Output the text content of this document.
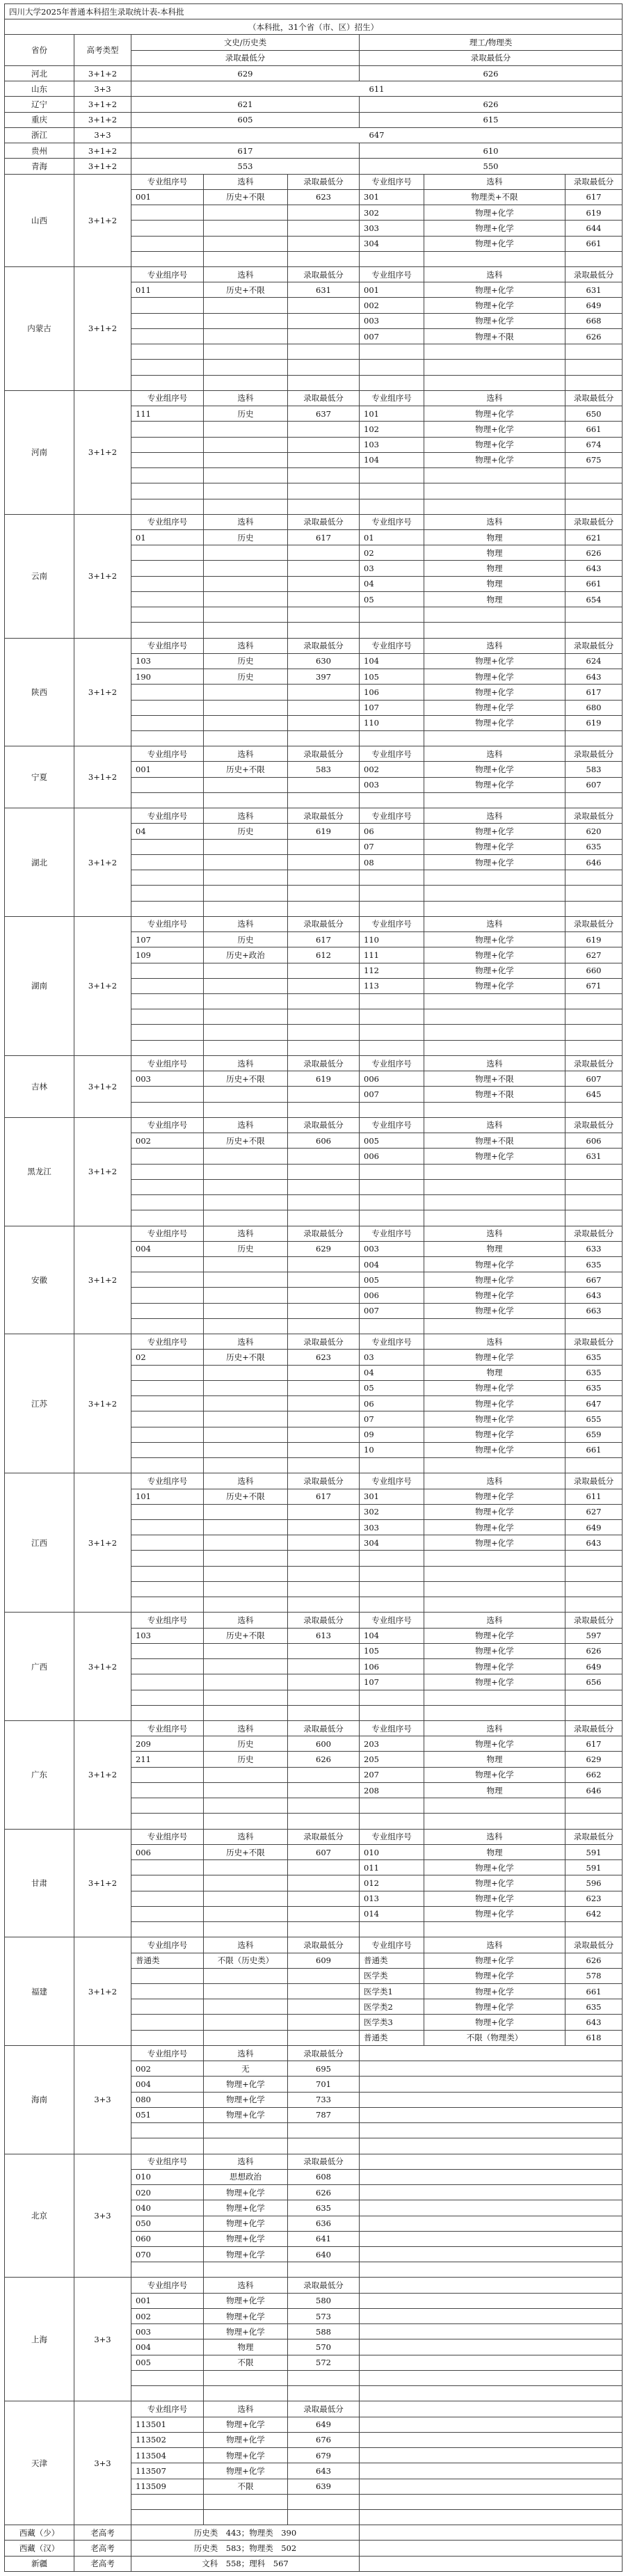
四川大学2025年普通本科招生录取统计表-本科批							
（本科批，31个省（市、区）招生）							
省份	高考类型	文史/历史类			理工/物理类		
		录取最低分			录取最低分		
河北	3+1+2	629			626		
山东	3+3	611					
辽宁	3+1+2	621			626		
重庆	3+1+2	605			615		
浙江	3+3	647					
贵州	3+1+2	617			610		
青海	3+1+2	553			550		
山西	3+1+2	专业组序号	选科	录取最低分	专业组序号	选科	录取最低分
		001	历史+不限	623	301	物理类+不限	617
					302	物理+化学	619
					303	物理+化学	644
					304	物理+化学	661

内蒙古	3+1+2	专业组序号	选科	录取最低分	专业组序号	选科	录取最低分
		011	历史+不限	631	001	物理+化学	631
					002	物理+化学	649
					003	物理+化学	668
					007	物理+不限	626

河南	3+1+2	专业组序号	选科	录取最低分	专业组序号	选科	录取最低分
		111	历史	637	101	物理+化学	650
					102	物理+化学	661
					103	物理+化学	674
					104	物理+化学	675

云南	3+1+2	专业组序号	选科	录取最低分	专业组序号	选科	录取最低分
		01	历史	617	01	物理	621
					02	物理	626
					03	物理	643
					04	物理	661
					05	物理	654

陕西	3+1+2	专业组序号	选科	录取最低分	专业组序号	选科	录取最低分
		103	历史	630	104	物理+化学	624
		190	历史	397	105	物理+化学	643
					106	物理+化学	617
					107	物理+化学	680
					110	物理+化学	619

宁夏	3+1+2	专业组序号	选科	录取最低分	专业组序号	选科	录取最低分
		001	历史+不限	583	002	物理+化学	583
					003	物理+化学	607

湖北	3+1+2	专业组序号	选科	录取最低分	专业组序号	选科	录取最低分
		04	历史	619	06	物理+化学	620
					07	物理+化学	635
					08	物理+化学	646

湖南	3+1+2	专业组序号	选科	录取最低分	专业组序号	选科	录取最低分
		107	历史	617	110	物理+化学	619
		109	历史+政治	612	111	物理+化学	627
					112	物理+化学	660
					113	物理+化学	671

吉林	3+1+2	专业组序号	选科	录取最低分	专业组序号	选科	录取最低分
		003	历史+不限	619	006	物理+不限	607
					007	物理+不限	645

黑龙江	3+1+2	专业组序号	选科	录取最低分	专业组序号	选科	录取最低分
		002	历史+不限	606	005	物理+不限	606
					006	物理+化学	631

安徽	3+1+2	专业组序号	选科	录取最低分	专业组序号	选科	录取最低分
		004	历史	629	003	物理	633
					004	物理+化学	635
					005	物理+化学	667
					006	物理+化学	643
					007	物理+化学	663

江苏	3+1+2	专业组序号	选科	录取最低分	专业组序号	选科	录取最低分
		02	历史+不限	623	03	物理+化学	635
					04	物理	635
					05	物理+化学	635
					06	物理+化学	647
					07	物理+化学	655
					09	物理+化学	659
					10	物理+化学	661

江西	3+1+2	专业组序号	选科	录取最低分	专业组序号	选科	录取最低分
		101	历史+不限	617	301	物理+化学	611
					302	物理+化学	627
					303	物理+化学	649
					304	物理+化学	643

广西	3+1+2	专业组序号	选科	录取最低分	专业组序号	选科	录取最低分
		103	历史+不限	613	104	物理+化学	597
					105	物理+化学	626
					106	物理+化学	649
					107	物理+化学	656

广东	3+1+2	专业组序号	选科	录取最低分	专业组序号	选科	录取最低分
		209	历史	600	203	物理+化学	617
		211	历史	626	205	物理	629
					207	物理+化学	662
					208	物理	646

甘肃	3+1+2	专业组序号	选科	录取最低分	专业组序号	选科	录取最低分
		006	历史+不限	607	010	物理	591
					011	物理+化学	591
					012	物理+化学	596
					013	物理+化学	623
					014	物理+化学	642

福建	3+1+2	专业组序号	选科	录取最低分	专业组序号	选科	录取最低分
		普通类	不限（历史类）	609	普通类	物理+化学	626
					医学类	物理+化学	578
					医学类1	物理+化学	661
					医学类2	物理+化学	635
					医学类3	物理+化学	643
					普通类	不限（物理类）	618
海南	3+3	专业组序号	选科	录取最低分			
		002	无	695			
		004	物理+化学	701			
		080	物理+化学	733			
		051	物理+化学	787			

北京	3+3	专业组序号	选科	录取最低分			
		010	思想政治	608			
		020	物理+化学	626			
		040	物理+化学	635			
		050	物理+化学	636			
		060	物理+化学	641			
		070	物理+化学	640			

上海	3+3	专业组序号	选科	录取最低分			
		001	物理+化学	580			
		002	物理+化学	573			
		003	物理+化学	588			
		004	物理	570			
		005	不限	572			

天津	3+3	专业组序号	选科	录取最低分			
		113501	物理+化学	649			
		113502	物理+化学	676			
		113504	物理+化学	679			
		113507	物理+化学	643			
		113509	不限	639			

西藏（少）	老高考	历史类　443；物理类　390					
西藏（汉）	老高考	历史类　583；物理类　502					
新疆	老高考	文科　558；理科　567					
